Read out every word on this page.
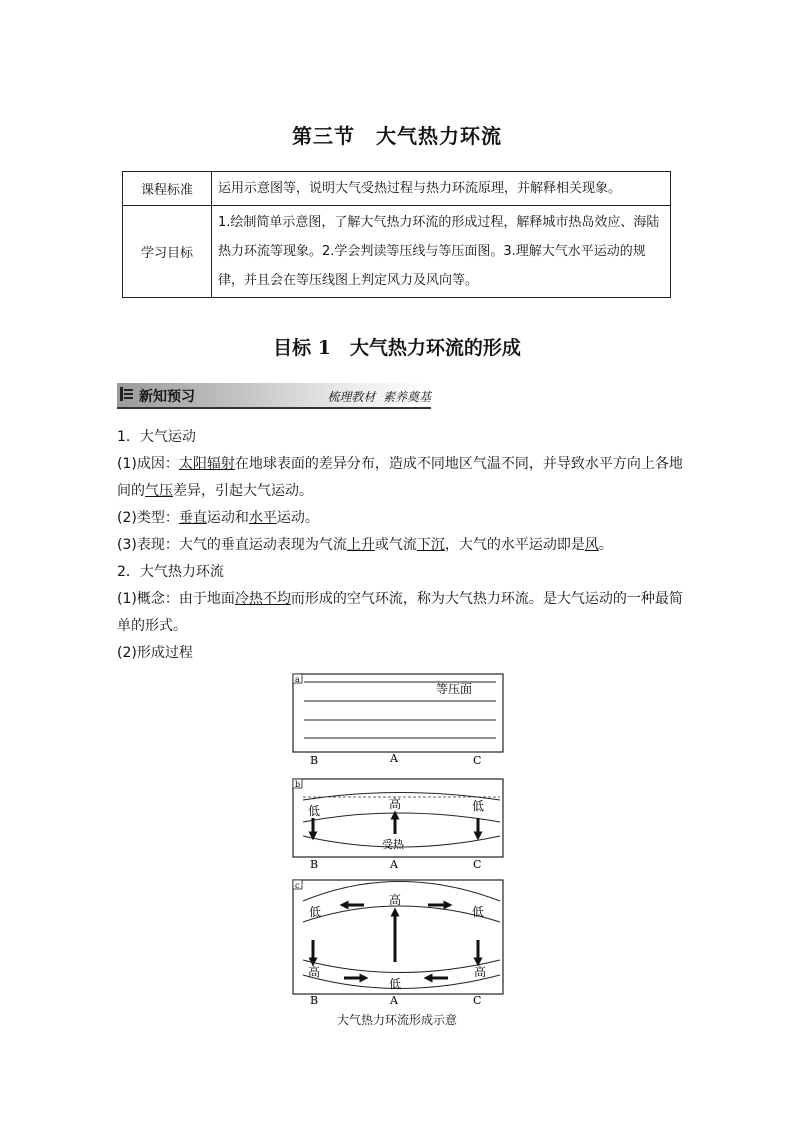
第三节　大气热力环流
课程标准	运用示意图等，说明大气受热过程与热力环流原理，并解释相关现象。
学习目标	1.绘制简单示意图，了解大气热力环流的形成过程，解释城市热岛效应、海陆热力环流等现象。2.学会判读等压线与等压面图。3.理解大气水平运动的规律，并且会在等压线图上判定风力及风向等。
目标 1　大气热力环流的形成
新知预习	梳理教材  素养奠基
1．大气运动
(1)成因：太阳辐射在地球表面的差异分布，造成不同地区气温不同，并导致水平方向上各地间的气压差异，引起大气运动。
(2)类型：垂直运动和水平运动。
(3)表现：大气的垂直运动表现为气流上升或气流下沉，大气的水平运动即是风。
2．大气热力环流
(1)概念：由于地面冷热不均而形成的空气环流，称为大气热力环流。是大气运动的一种最简单的形式。
(2)形成过程
a
等压面
B	A	C
b
低	高	低
受热
B	A	C
c
高
低	低
高	高
低
B	A	C
大气热力环流形成示意
